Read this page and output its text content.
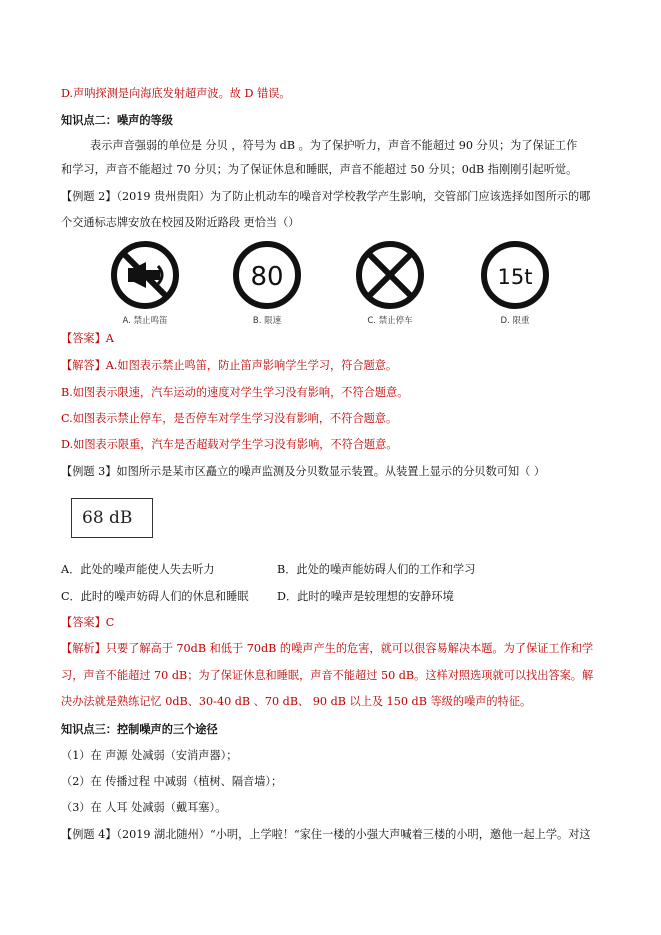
D.声呐探测是向海底发射超声波。故 D 错误。
知识点二：噪声的等级
表示声音强弱的单位是 分贝 ，符号为 dB 。为了保护听力，声音不能超过 90 分贝；为了保证工作
和学习，声音不能超过 70 分贝；为了保证休息和睡眠，声音不能超过 50 分贝；0dB 指刚刚引起听觉。
【例题 2】（2019 贵州贵阳）为了防止机动车的噪音对学校教学产生影响，交管部门应该选择如图所示的哪
个交通标志牌安放在校园及附近路段 更恰当（）
A. 禁止鸣笛
80
B. 限速	C. 禁止停车
15t
D. 限重
【答案】A
【解答】A.如图表示禁止鸣笛，防止笛声影响学生学习，符合题意。
B.如图表示限速，汽车运动的速度对学生学习没有影响，不符合题意。
C.如图表示禁止停车，是否停车对学生学习没有影响，不符合题意。
D.如图表示限重，汽车是否超载对学生学习没有影响，不符合题意。
【例题 3】如图所示是某市区矗立的噪声监测及分贝数显示装置。从装置上显示的分贝数可知（ ）
68 dB
A．此处的噪声能使人失去听力	B．此处的噪声能妨碍人们的工作和学习
C．此时的噪声妨碍人们的休息和睡眠	D．此时的噪声是较理想的安静环境
【答案】C
【解析】只要了解高于 70dB 和低于 70dB 的噪声产生的危害，就可以很容易解决本题。为了保证工作和学
习，声音不能超过 70 dB；为了保证休息和睡眠，声音不能超过 50 dB。这样对照选项就可以找出答案。解
决办法就是熟练记忆 0dB、30-40 dB 、70 dB、 90 dB 以上及 150 dB 等级的噪声的特征。
知识点三：控制噪声的三个途径
（1）在 声源 处减弱（安消声器）；
（2）在 传播过程 中减弱（植树、隔音墙）；
（3）在 人耳 处减弱（戴耳塞）。
【例题 4】（2019 湖北随州）“小明，上学啦！“家住一楼的小强大声喊着三楼的小明，邀他一起上学。对这
